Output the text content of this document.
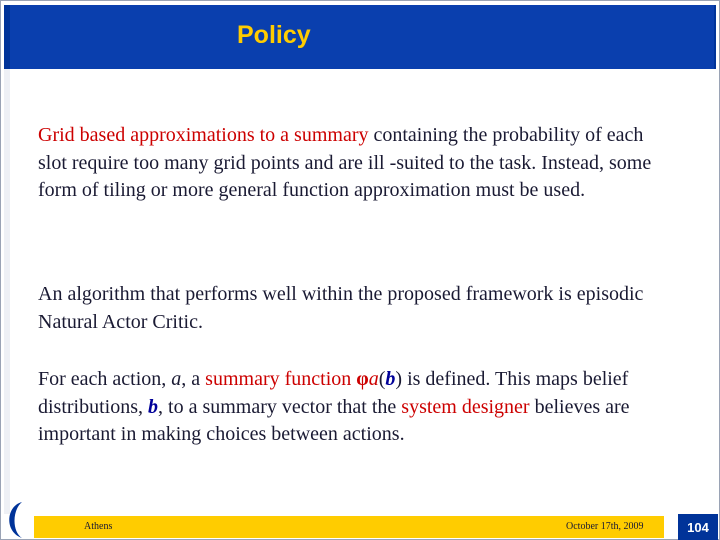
Policy
Grid based approximations to a summary containing the probability of each slot require too many grid points and are ill -suited to the task. Instead, some form of tiling or more general function approximation must be used.
An algorithm that performs well within the proposed framework is episodic Natural Actor Critic.
For each action, a, a summary function φa(b) is defined. This maps belief distributions, b, to a summary vector that the system designer believes are important in making choices between actions.
Athens	October 17th, 2009	104
